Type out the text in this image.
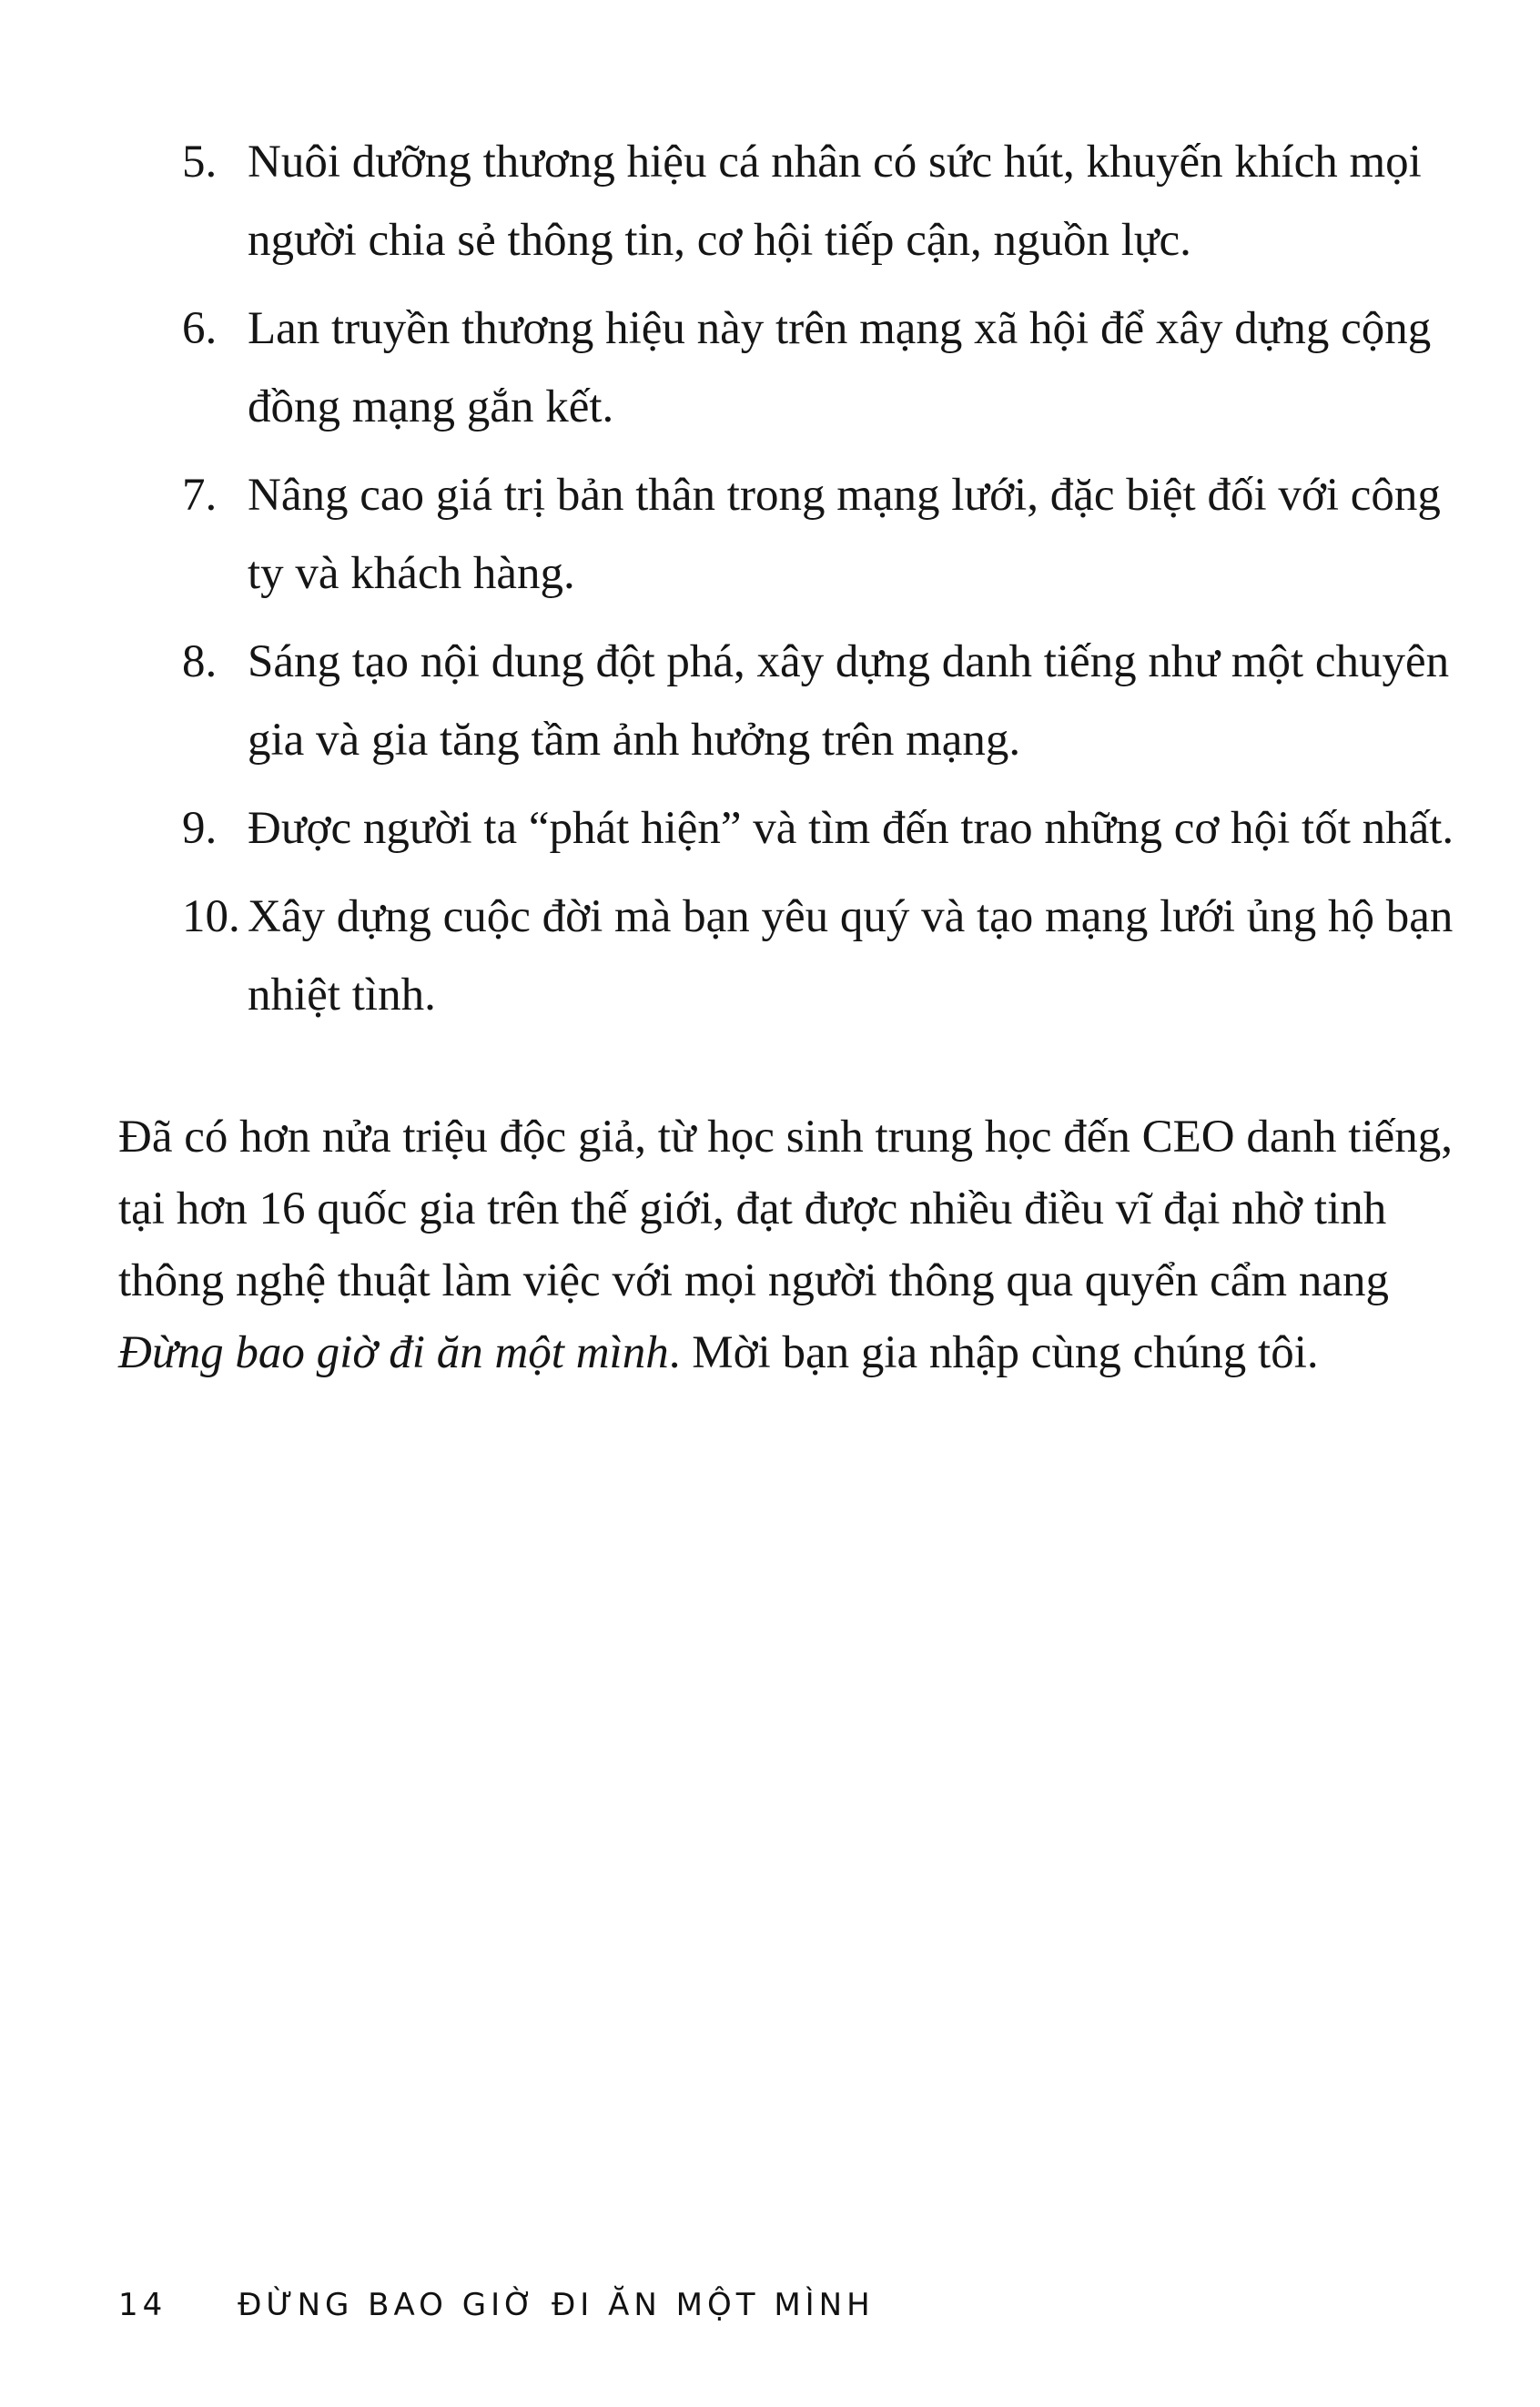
5. Nuôi dưỡng thương hiệu cá nhân có sức hút, khuyến khích mọi người chia sẻ thông tin, cơ hội tiếp cận, nguồn lực.
6. Lan truyền thương hiệu này trên mạng xã hội để xây dựng cộng đồng mạng gắn kết.
7. Nâng cao giá trị bản thân trong mạng lưới, đặc biệt đối với công ty và khách hàng.
8. Sáng tạo nội dung đột phá, xây dựng danh tiếng như một chuyên gia và gia tăng tầm ảnh hưởng trên mạng.
9. Được người ta “phát hiện” và tìm đến trao những cơ hội tốt nhất.
10. Xây dựng cuộc đời mà bạn yêu quý và tạo mạng lưới ủng hộ bạn nhiệt tình.

Đã có hơn nửa triệu độc giả, từ học sinh trung học đến CEO danh tiếng, tại hơn 16 quốc gia trên thế giới, đạt được nhiều điều vĩ đại nhờ tinh thông nghệ thuật làm việc với mọi người thông qua quyển cẩm nang Đừng bao giờ đi ăn một mình. Mời bạn gia nhập cùng chúng tôi.

14 ĐỪNG BAO GIỜ ĐI ĂN MỘT MÌNH
